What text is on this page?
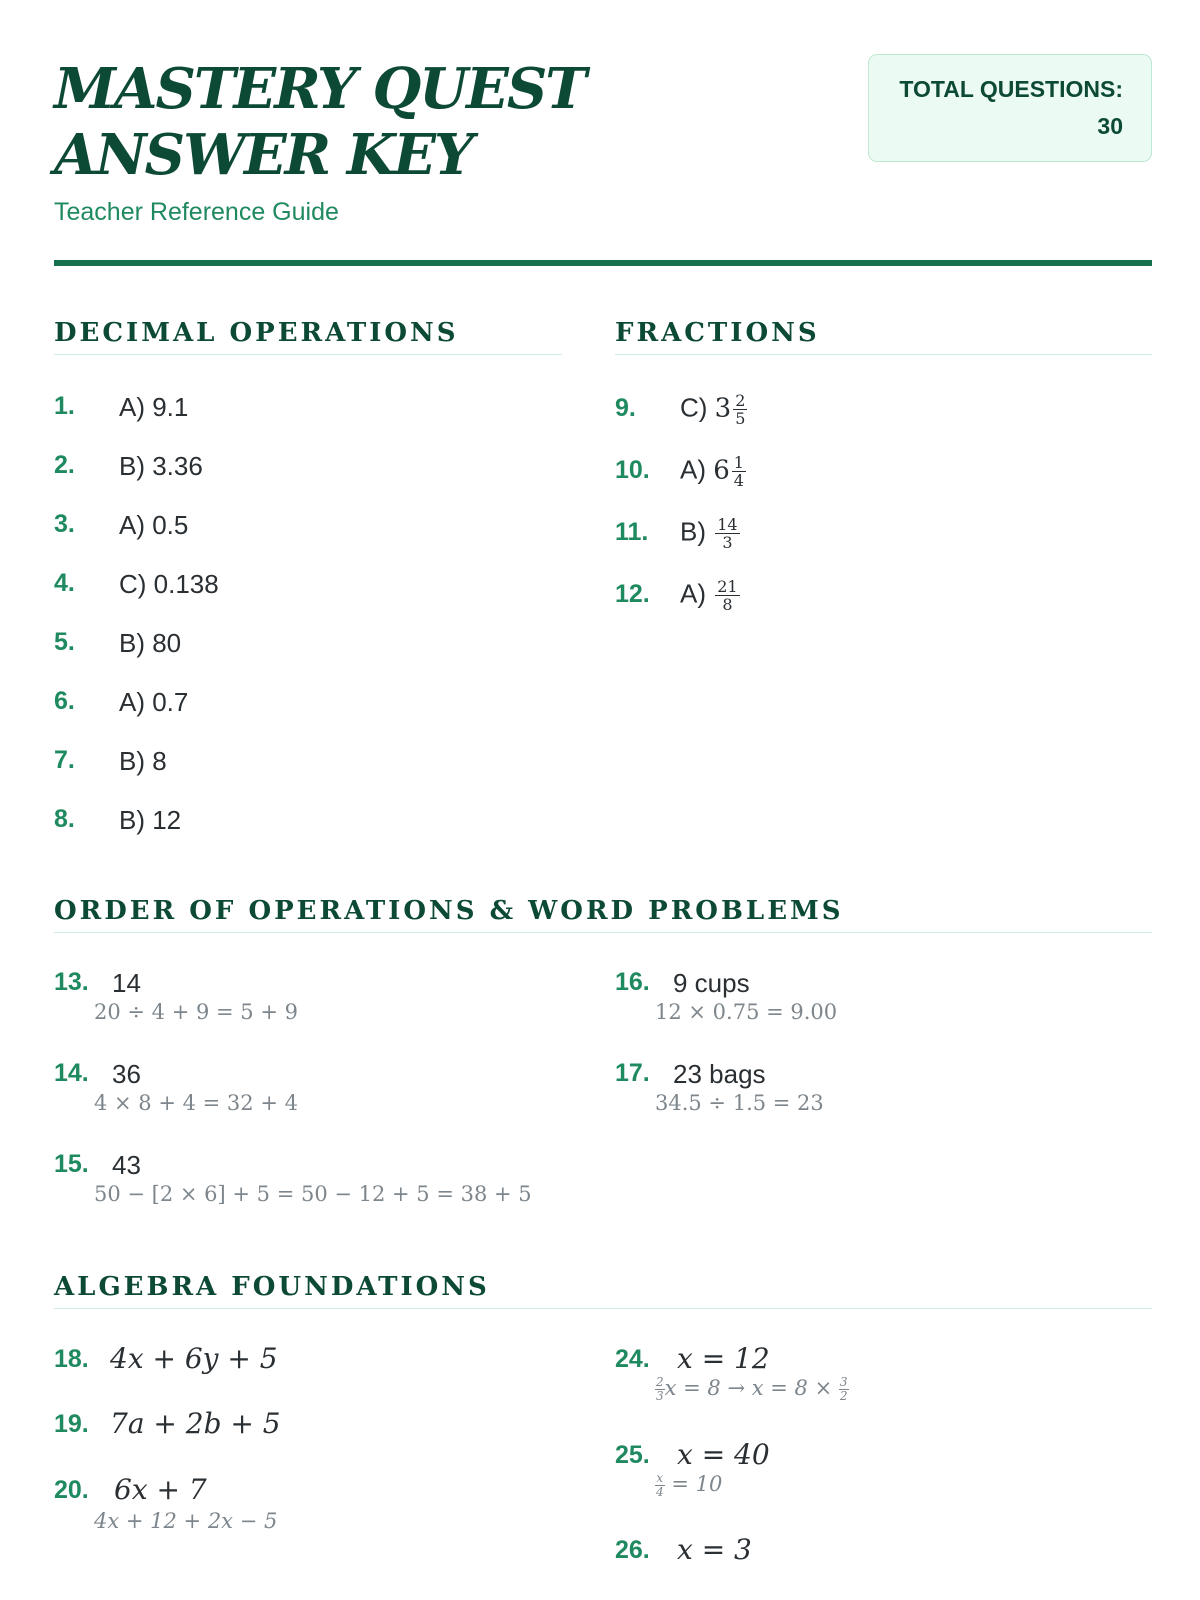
MASTERY QUEST ANSWER KEY
Teacher Reference Guide
TOTAL QUESTIONS:
30
DECIMAL OPERATIONS
1. A) 9.1
2. B) 3.36
3. A) 0.5
4. C) 0.138
5. B) 80
6. A) 0.7
7. B) 8
8. B) 12
FRACTIONS
9. C) $3 \frac{2}{5}$
10. A) $6 \frac{1}{4}$
11. $B) \frac{14}{3}$
12. $A) \frac{21}{8}$
ORDER OF OPERATIONS & WORD PROBLEMS
13. 14
20 ÷ 4 + 9 = 5 + 9
14. 36
4 × 8 + 4 = 32 + 4
15. 43
50 − [2 × 6] + 5 = 50 − 12 + 5 = 38 + 5
16. 9 cups
12 × 0.75 = 9.00
17. 23 bags
34.5 ÷ 1.5 = 23
ALGEBRA FOUNDATIONS
18. 4x + 6y + 5
19. 7a + 2b + 5
20. 6x + 7
4x + 12 + 2x − 5
24. x = 12
$\frac{2}{3}$ $x = 8 \to x = 8 \times \frac{3}{2}$
25. x = 40
$\frac{x}{4} = 10$
26. x = 3
